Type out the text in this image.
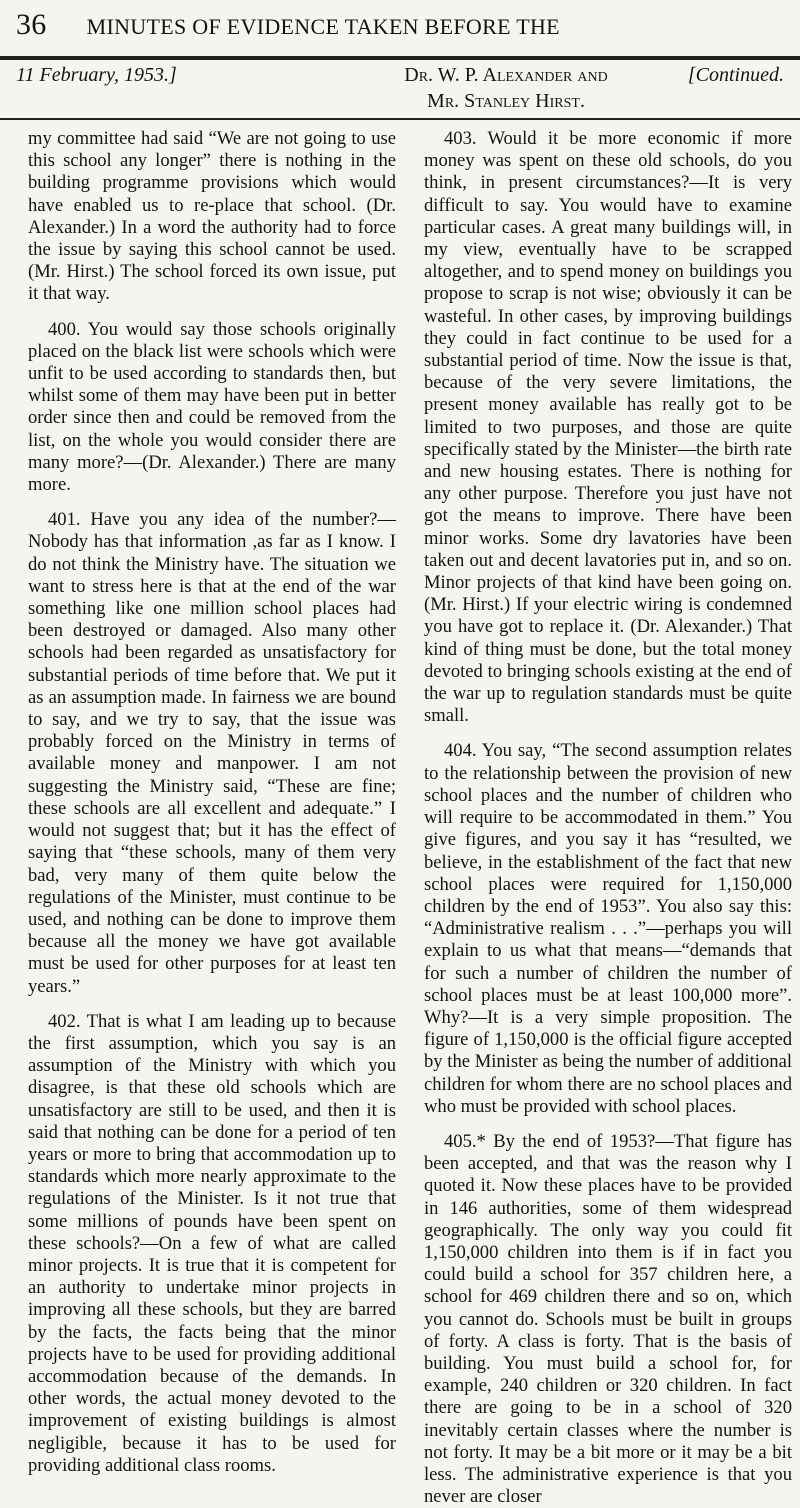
36 MINUTES OF EVIDENCE TAKEN BEFORE THE
11 February, 1953.]	Dr. W. P. Alexander and
Mr. Stanley Hirst.
[Continued.

my committee had said “We are not going to use this school any longer” there is nothing in the building programme provisions which would have enabled us to re-place that school. (Dr. Alexander.) In a word the authority had to force the issue by saying this school cannot be used. (Mr. Hirst.) The school forced its own issue, put it that way.

400. You would say those schools originally placed on the black list were schools which were unfit to be used according to standards then, but whilst some of them may have been put in better order since then and could be removed from the list, on the whole you would consider there are many more?—(Dr. Alexander.) There are many more.

401. Have you any idea of the number?—Nobody has that information ,as far as I know. I do not think the Ministry have. The situation we want to stress here is that at the end of the war something like one million school places had been destroyed or damaged. Also many other schools had been regarded as unsatisfactory for substantial periods of time before that. We put it as an assumption made. In fairness we are bound to say, and we try to say, that the issue was probably forced on the Ministry in terms of available money and manpower. I am not suggesting the Ministry said, “These are fine; these schools are all excellent and adequate.” I would not suggest that; but it has the effect of saying that “these schools, many of them very bad, very many of them quite below the regulations of the Minister, must continue to be used, and nothing can be done to improve them because all the money we have got available must be used for other purposes for at least ten years.”

402. That is what I am leading up to because the first assumption, which you say is an assumption of the Ministry with which you disagree, is that these old schools which are unsatisfactory are still to be used, and then it is said that nothing can be done for a period of ten years or more to bring that accommodation up to standards which more nearly approximate to the regulations of the Minister. Is it not true that some millions of pounds have been spent on these schools?—On a few of what are called minor projects. It is true that it is competent for an authority to undertake minor projects in improving all these schools, but they are barred by the facts, the facts being that the minor projects have to be used for providing additional accommodation because of the demands. In other words, the actual money devoted to the improvement of existing buildings is almost negligible, because it has to be used for providing additional class rooms.

403. Would it be more economic if more money was spent on these old schools, do you think, in present circumstances?—It is very difficult to say. You would have to examine particular cases. A great many buildings will, in my view, eventually have to be scrapped altogether, and to spend money on buildings you propose to scrap is not wise; obviously it can be wasteful. In other cases, by improving buildings they could in fact continue to be used for a substantial period of time. Now the issue is that, because of the very severe limitations, the present money available has really got to be limited to two purposes, and those are quite specifically stated by the Minister—the birth rate and new housing estates. There is nothing for any other purpose. Therefore you just have not got the means to improve. There have been minor works. Some dry lavatories have been taken out and decent lavatories put in, and so on. Minor projects of that kind have been going on. (Mr. Hirst.) If your electric wiring is condemned you have got to replace it. (Dr. Alexander.) That kind of thing must be done, but the total money devoted to bringing schools existing at the end of the war up to regulation standards must be quite small.

404. You say, “The second assumption relates to the relationship between the provision of new school places and the number of children who will require to be accommodated in them.” You give figures, and you say it has “resulted, we believe, in the establishment of the fact that new school places were required for 1,150,000 children by the end of 1953”. You also say this: “Administrative realism . . .”—perhaps you will explain to us what that means—“demands that for such a number of children the number of school places must be at least 100,000 more”. Why?—It is a very simple proposition. The figure of 1,150,000 is the official figure accepted by the Minister as being the number of additional children for whom there are no school places and who must be provided with school places.

405.* By the end of 1953?—That figure has been accepted, and that was the reason why I quoted it. Now these places have to be provided in 146 authorities, some of them widespread geographically. The only way you could fit 1,150,000 children into them is if in fact you could build a school for 357 children here, a school for 469 children there and so on, which you cannot do. Schools must be built in groups of forty. A class is forty. That is the basis of building. You must build a school for, for example, 240 children or 320 children. In fact there are going to be in a school of 320 inevitably certain classes where the number is not forty. It may be a bit more or it may be a bit less. The administrative experience is that you never are closer
